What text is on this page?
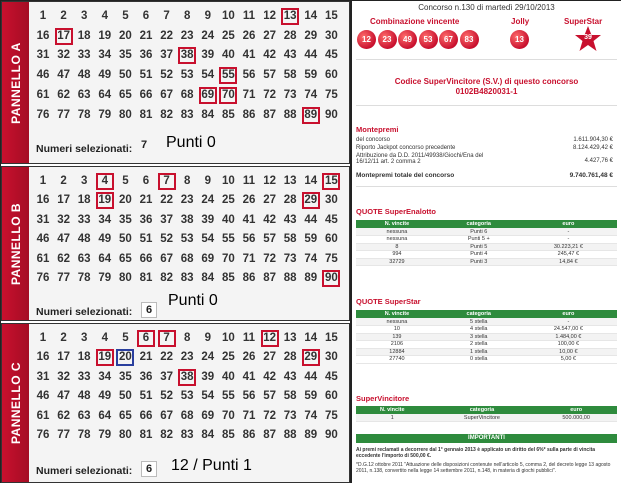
PANNELLO A
1	2	3	4	5	6	7	8	9 10 11 12 13 14 15
16 17 18 19 20 21 22 23 24 25 26 27 28 29 30
31 32 33 34 35 36 37 38 39 40 41 42 43 44 45
46 47 48 49 50 51 52 53 54 55 56 57 58 59 60
61 62 63 64 65 66 67 68 69 70 71 72 73 74 75
76 77 78 79 80 81 82 83 84 85 86 87 88 89 90
Numeri selezionati: 7 Punti 0
PANNELLO B
1	2	3	4	5	6	7	8	9 10 11 12 13 14 15
16 17 18 19 20 21 22 23 24 25 26 27 28 29 30
31 32 33 34 35 36 37 38 39 40 41 42 43 44 45
46 47 48 49 50 51 52 53 54 55 56 57 58 59 60
61 62 63 64 65 66 67 68 69 70 71 72 73 74 75
76 77 78 79 80 81 82 83 84 85 86 87 88 89 90
Numeri selezionati:	6
Punti 0
PANNELLO C
1	2	3	4	5	6	7	8	9 10 11 12 13 14 15
16 17 18 19 20 21 22 23 24 25 26 27 28 29 30
31 32 33 34 35 36 37 38 39 40 41 42 43 44 45
46 47 48 49 50 51 52 53 54 55 56 57 58 59 60
61 62 63 64 65 66 67 68 69 70 71 72 73 74 75
76 77 78 79 80 81 82 83 84 85 86 87 88 89 90
Numeri selezionati:	6	12 / Punti 1
Concorso n.130 di martedì 29/10/2013
Combinazione vincente	Jolly	SuperStar
12	23	49	53	67	83	13	39
Codice SuperVincitore (S.V.) di questo concorso
0102B4820031-1
Montepremi
del concorso	1.611.904,30 €
Riporto Jackpot concorso precedente	8.124.429,42 €
Attribuzione da D.D. 2011/49938/Giochi/Ena del 16/12/11 art. 2 comma 2	4.427,76 €
Montepremi totale del concorso	9.740.761,48 €
QUOTE SuperEnalotto
N. vincite	categoria	euro
nessuna	Punti 6	-
nessuna	Punti 5 +	-
8	Punti 5	30.223,21 €
994	Punti 4	245,47 €
32729	Punti 3	14,84 €
QUOTE SuperStar
N. vincite	categoria	euro
nessuna	5 stella	-
10	4 stella	24.547,00 €
139	3 stella	1.484,00 €
2106	2 stella	100,00 €
12884	1 stella	10,00 €
27740	0 stella	5,00 €
SuperVincitore
N. vincite	categoria	euro
1	SuperVincitore	500.000,00
IMPORTANTI
Ai premi reclamati a decorrere dal 1° gennaio 2013 è applicato un diritto del 6%* sulla parte di vincita eccedente l'importo di 500,00 €.
*D.G.12 ottobre 2011 "Attuazione delle disposizioni contenute nell'articolo 5, comma 2, del decreto legge 13 agosto 2011, n.138, convertito nella legge 14 settembre 2011, n.148, in materia di giochi pubblici".
